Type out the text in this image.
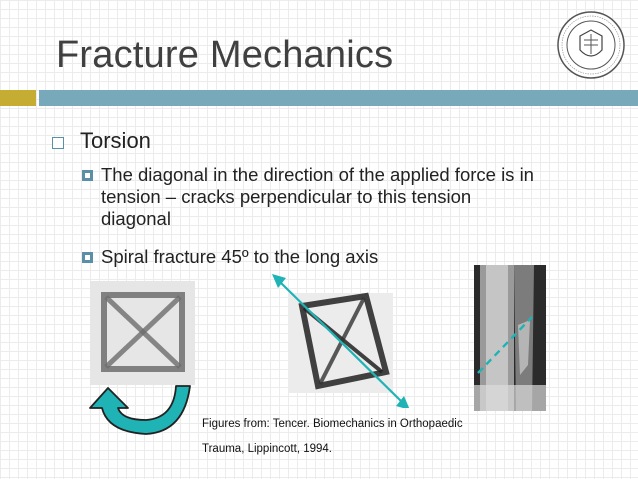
Fracture Mechanics
Torsion
The diagonal in the direction of the applied force is in
tension – cracks perpendicular to this tension
diagonal
Spiral fracture 45º to the long axis
Figures from: Tencer. Biomechanics in Orthopaedic
Trauma, Lippincott, 1994.
